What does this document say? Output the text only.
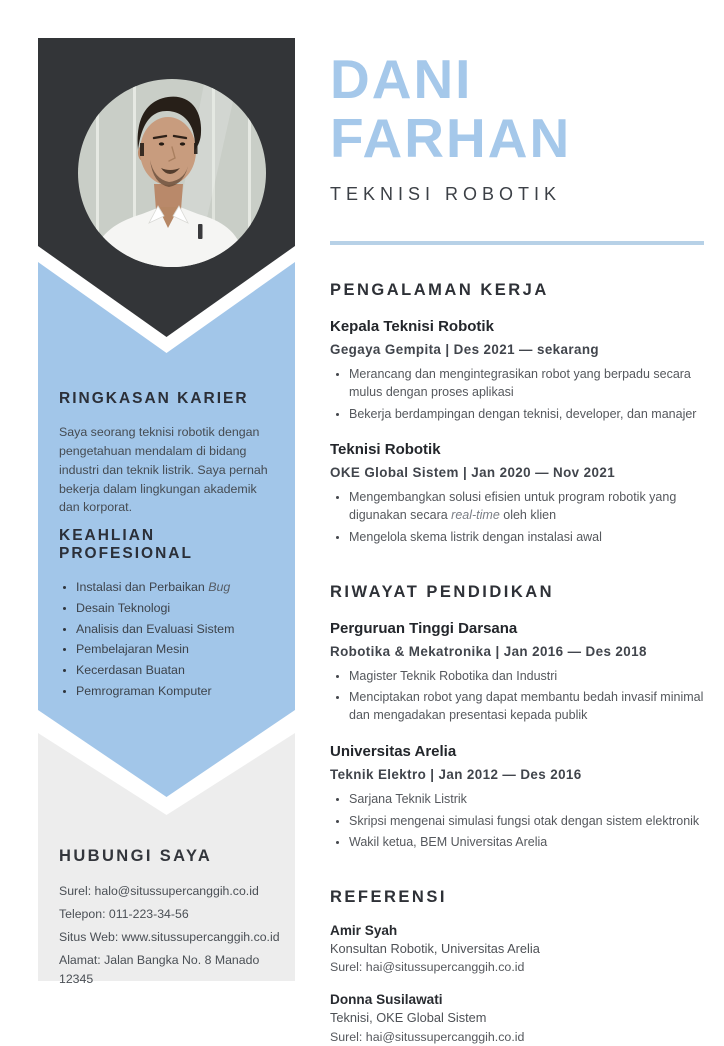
RINGKASAN KARIER

Saya seorang teknisi robotik dengan pengetahuan mendalam di bidang industri dan teknik listrik. Saya pernah bekerja dalam lingkungan akademik dan korporat.

KEAHLIAN PROFESIONAL
• Instalasi dan Perbaikan Bug
• Desain Teknologi
• Analisis dan Evaluasi Sistem
• Pembelajaran Mesin
• Kecerdasan Buatan
• Pemrograman Komputer
HUBUNGI SAYA

Surel: halo@situssupercanggih.co.id

Telepon: 011-223-34-56

Situs Web: www.situssupercanggih.co.id

Alamat: Jalan Bangka No. 8 Manado 12345

DANI
FARHAN
TEKNISI ROBOTIK
PENGALAMAN KERJA
Kepala Teknisi Robotik
Gegaya Gempita | Des 2021 — sekarang
• Merancang dan mengintegrasikan robot yang berpadu secara mulus dengan proses aplikasi
• Bekerja berdampingan dengan teknisi, developer, dan manajer
Teknisi Robotik
OKE Global Sistem | Jan 2020 — Nov 2021
• Mengembangkan solusi efisien untuk program robotik yang digunakan secara real-time oleh klien
• Mengelola skema listrik dengan instalasi awal
RIWAYAT PENDIDIKAN
Perguruan Tinggi Darsana
Robotika & Mekatronika | Jan 2016 — Des 2018
• Magister Teknik Robotika dan Industri
• Menciptakan robot yang dapat membantu bedah invasif minimal dan mengadakan presentasi kepada publik
Universitas Arelia
Teknik Elektro | Jan 2012 — Des 2016
• Sarjana Teknik Listrik
• Skripsi mengenai simulasi fungsi otak dengan sistem elektronik
• Wakil ketua, BEM Universitas Arelia
REFERENSI
Amir Syah

Konsultan Robotik, Universitas Arelia

Surel: hai@situssupercanggih.co.id

Donna Susilawati

Teknisi, OKE Global Sistem

Surel: hai@situssupercanggih.co.id
